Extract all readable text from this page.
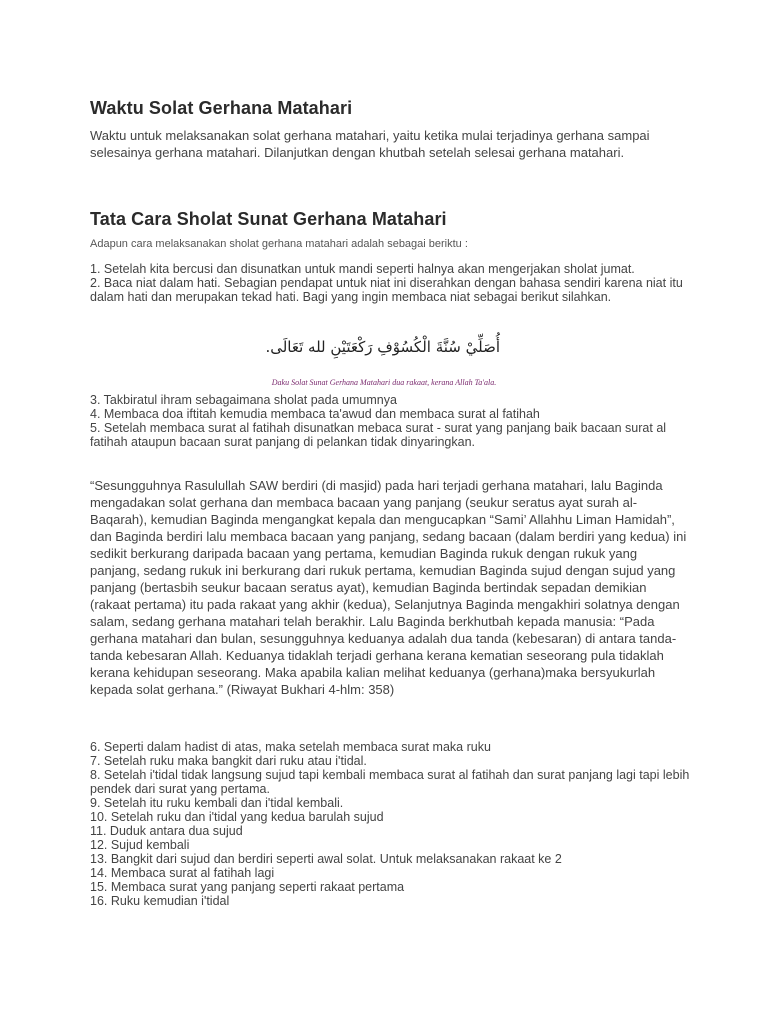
Waktu Solat Gerhana Matahari

Waktu untuk melaksanakan solat gerhana matahari, yaitu ketika mulai terjadinya gerhana sampai selesainya gerhana matahari. Dilanjutkan dengan khutbah setelah selesai gerhana matahari.

Tata Cara Sholat Sunat Gerhana Matahari

Adapun cara melaksanakan sholat gerhana matahari adalah sebagai beriktu :

1. Setelah kita bercusi dan disunatkan untuk mandi seperti halnya akan mengerjakan sholat jumat.
2. Baca niat dalam hati. Sebagian pendapat untuk niat ini diserahkan dengan bahasa sendiri karena niat itu dalam hati dan merupakan tekad hati. Bagi yang ingin membaca niat sebagai berikut silahkan.
أُصَلِّيْ سُنَّةَ الْكُسُوْفِ رَكْعَتَيْنِ لله تَعَالَى.
Daku Solat Sunat Gerhana Matahari dua rakaat, kerana Allah Ta'ala.
3. Takbiratul ihram sebagaimana sholat pada umumnya
4. Membaca doa iftitah kemudia membaca ta'awud dan membaca surat al fatihah
5. Setelah membaca surat al fatihah disunatkan mebaca surat - surat yang panjang baik bacaan surat al fatihah ataupun bacaan surat panjang di pelankan tidak dinyaringkan.

“Sesungguhnya Rasulullah SAW berdiri (di masjid) pada hari terjadi gerhana matahari, lalu Baginda mengadakan solat gerhana dan membaca bacaan yang panjang (seukur seratus ayat surah al-Baqarah), kemudian Baginda mengangkat kepala dan mengucapkan “Sami’ Allahhu Liman Hamidah”, dan Baginda berdiri lalu membaca bacaan yang panjang, sedang bacaan (dalam berdiri yang kedua) ini sedikit berkurang daripada bacaan yang pertama, kemudian Baginda rukuk dengan rukuk yang panjang, sedang rukuk ini berkurang dari rukuk pertama, kemudian Baginda sujud dengan sujud yang panjang (bertasbih seukur bacaan seratus ayat), kemudian Baginda bertindak sepadan demikian (rakaat pertama) itu pada rakaat yang akhir (kedua), Selanjutnya Baginda mengakhiri solatnya dengan salam, sedang gerhana matahari telah berakhir. Lalu Baginda berkhutbah kepada manusia: “Pada gerhana matahari dan bulan, sesungguhnya keduanya adalah dua tanda (kebesaran) di antara tanda-tanda kebesaran Allah. Keduanya tidaklah terjadi gerhana kerana kematian seseorang pula tidaklah kerana kehidupan seseorang. Maka apabila kalian melihat keduanya (gerhana)maka bersyukurlah kepada solat gerhana.” (Riwayat Bukhari 4-hlm: 358)

6. Seperti dalam hadist di atas, maka setelah membaca surat maka ruku
7. Setelah ruku maka bangkit dari ruku atau i'tidal.
8. Setelah i'tidal tidak langsung sujud tapi kembali membaca surat al fatihah dan surat panjang lagi tapi lebih pendek dari surat yang pertama.
9. Setelah itu ruku kembali dan i'tidal kembali.
10. Setelah ruku dan i'tidal yang kedua barulah sujud
11. Duduk antara dua sujud
12. Sujud kembali
13. Bangkit dari sujud dan berdiri seperti awal solat. Untuk melaksanakan rakaat ke 2
14. Membaca surat al fatihah lagi
15. Membaca surat yang panjang seperti rakaat pertama
16. Ruku kemudian i'tidal
